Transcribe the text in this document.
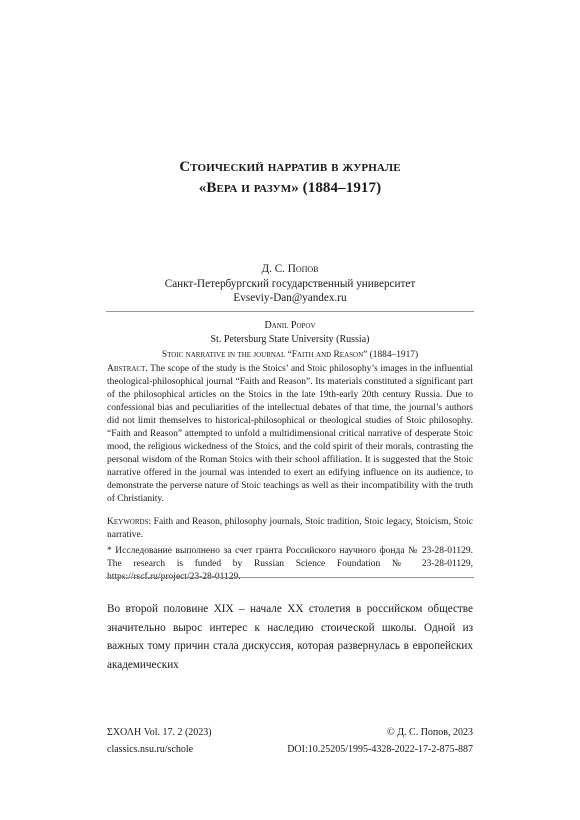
Стоический нарратив в журнале
«Вера и разум» (1884–1917)
Д. С. Попов
Санкт-Петербургский государственный университет
Evseviy-Dan@yandex.ru
Danil Popov
St. Petersburg State University (Russia)
Stoic narrative in the journal “Faith and Reason” (1884–1917)

Abstract. The scope of the study is the Stoics’ and Stoic philosophy’s images in the influential theological-philosophical journal “Faith and Reason”. Its materials constituted a significant part of the philosophical articles on the Stoics in the late 19th-early 20th century Russia. Due to confessional bias and peculiarities of the intellectual debates of that time, the journal’s authors did not limit themselves to historical-philosophical or theological studies of Stoic philosophy. “Faith and Reason” attempted to unfold a multidimensional critical narrative of desperate Stoic mood, the religious wickedness of the Stoics, and the cold spirit of their morals, contrasting the personal wisdom of the Roman Stoics with their school affiliation. It is suggested that the Stoic narrative offered in the journal was intended to exert an edifying influence on its audience, to demonstrate the perverse nature of Stoic teachings as well as their incompatibility with the truth of Christianity.

Keywords: Faith and Reason, philosophy journals, Stoic tradition, Stoic legacy, Stoicism, Stoic narrative.
* Исследование выполнено за счет гранта Российского научного фонда № 23-28-01129. The research is funded by Russian Science Foundation № 23-28-01129, https://rscf.ru/project/23-28-01129.
Во второй половине XIX – начале XX столетия в российском обществе значительно вырос интерес к наследию стоической школы. Одной из важных тому причин стала дискуссия, которая развернулась в европейских академических
ΣΧΟΛΗ Vol. 17. 2 (2023)
classics.nsu.ru/schole
© Д. С. Попов, 2023
DOI:10.25205/1995-4328-2022-17-2-875-887
